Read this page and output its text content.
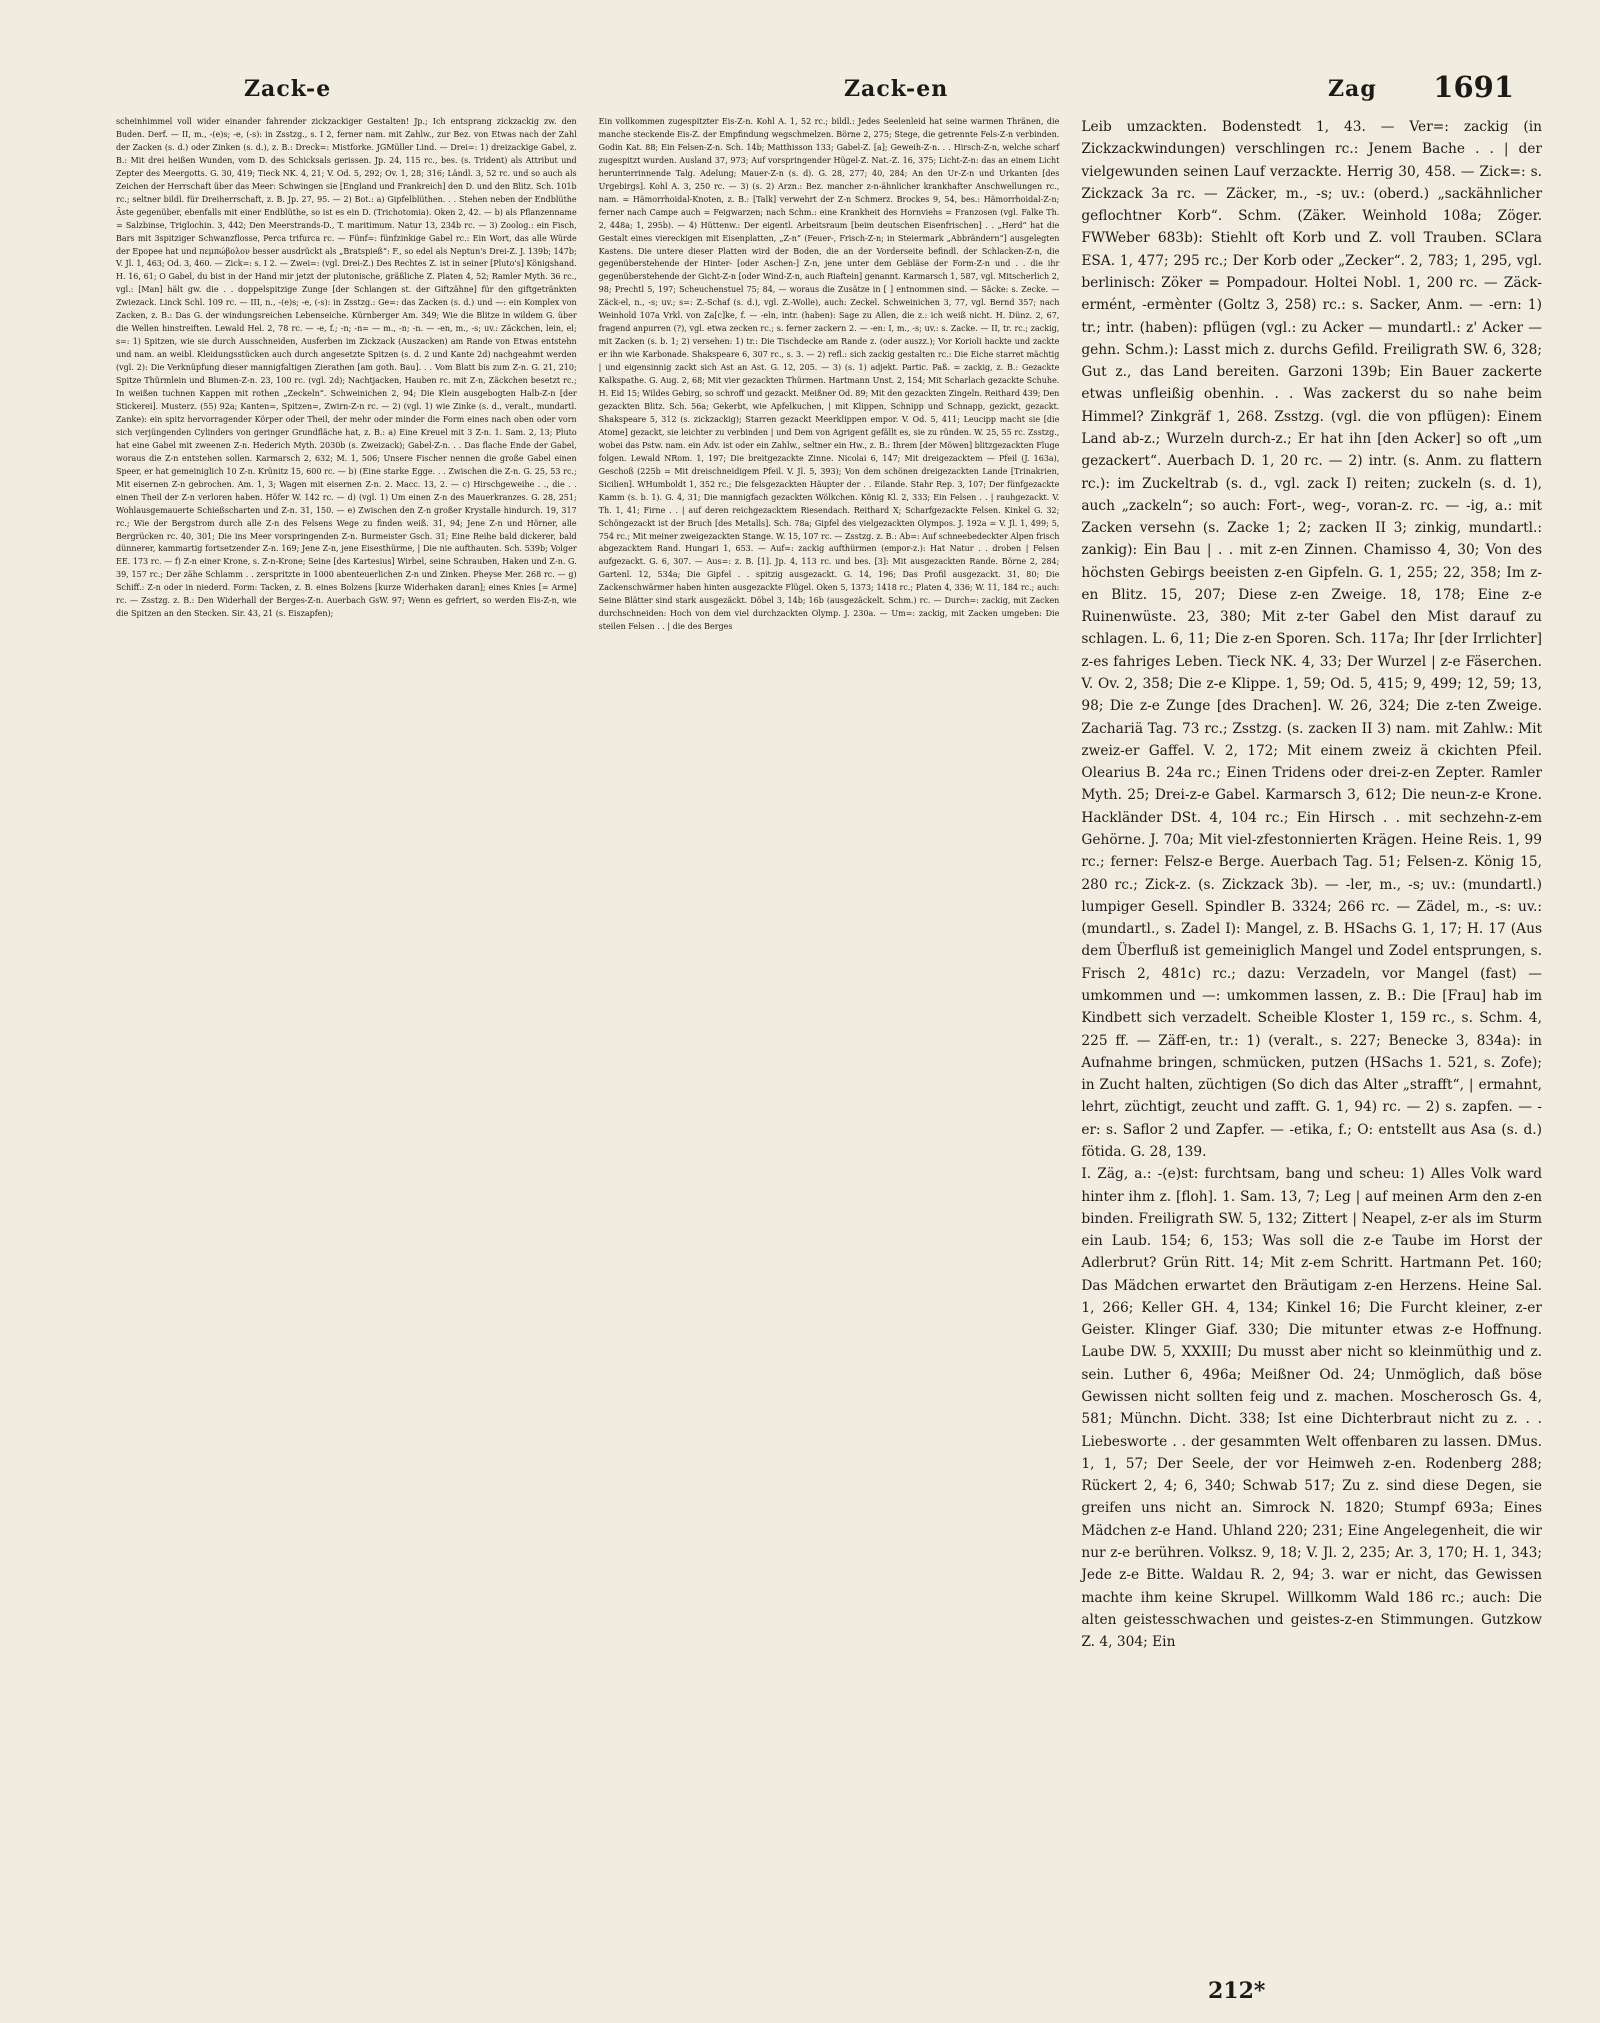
Zack-e	Zack-en	Zag 1691

scheinhimmel voll wider einander fahrender zickzackiger Gestalten! Jp.; Ich entsprang zickzackig zw. den Buden. Derf. — II, m., -(e)s; -e, (-s): in Zsstzg., s. I 2, ferner nam. mit Zahlw., zur Bez. von Etwas nach der Zahl der Zacken (s. d.) oder Zinken (s. d.), z. B.: Dreck=: Mistforke. JGMüller Lind. — Drei=: 1) dreizackige Gabel, z. B.: Mit drei heißen Wunden, vom D. des Schicksals gerissen. Jp. 24, 115 rc., bes. (s. Trident) als Attribut und Zepter des Meergotts. G. 30, 419; Tieck NK. 4, 21; V. Od. 5, 292; Ov. 1, 28; 316; Ländl. 3, 52 rc. und so auch als Zeichen der Herrschaft über das Meer: Schwingen sie [England und Frankreich] den D. und den Blitz. Sch. 101b rc.; seltner bildl. für Dreiherrschaft, z. B. Jp. 27, 95. — 2) Bot.: a) Gipfelblüthen. . . Stehen neben der Endblüthe Äste gegenüber, ebenfalls mit einer Endblüthe, so ist es ein D. (Trichotomia). Oken 2, 42. — b) als Pflanzenname = Salzbinse, Triglochin. 3, 442; Den Meerstrands-D., T. maritimum. Natur 13, 234b rc. — 3) Zoolog.: ein Fisch, Bars mit 3spitziger Schwanzflosse, Perca trifurca rc. — Fünf=: fünfzinkige Gabel rc.: Ein Wort, das alle Würde der Epopee hat und πεμπώβολον besser ausdrückt als „Bratspieß“: F., so edel als Neptun's Drei-Z. J. 139b; 147b; V. Jl. 1, 463; Od. 3, 460. — Zick=: s. I 2. — Zwei=: (vgl. Drei-Z.) Des Rechtes Z. ist in seiner [Pluto's] Königshand. H. 16, 61; O Gabel, du bist in der Hand mir jetzt der plutonische, gräßliche Z. Platen 4, 52; Ramler Myth. 36 rc., vgl.: [Man] hält gw. die . . doppelspitzige Zunge [der Schlangen st. der Giftzähne] für den giftgetränkten Zwiezack. Linck Schl. 109 rc. — III, n., -(e)s; -e, (-s): in Zsstzg.: Ge=: das Zacken (s. d.) und —: ein Komplex von Zacken, z. B.: Das G. der windungsreichen Lebenseiche. Kürnberger Am. 349; Wie die Blitze in wildem G. über die Wellen hinstreiften. Lewald Hel. 2, 78 rc. — -e, f.; -n; -n= — m., -n; -n. — -en, m., -s; uv.: Zäckchen, lein, el; s=: 1) Spitzen, wie sie durch Ausschneiden, Ausferben im Zickzack (Auszacken) am Rande von Etwas entstehn und nam. an weibl. Kleidungsstücken auch durch angesetzte Spitzen (s. d. 2 und Kante 2d) nachgeahmt werden (vgl. 2): Die Verknüpfung dieser mannigfaltigen Zierathen [am goth. Bau]. . . Vom Blatt bis zum Z-n. G. 21, 210; Spitze Thürmlein und Blumen-Z-n. 23, 100 rc. (vgl. 2d); Nachtjacken, Hauben rc. mit Z-n, Zäckchen besetzt rc.; In weißen tuchnen Kappen mit rothen „Zeckeln“. Schweinichen 2, 94; Die Klein ausgebogten Halb-Z-n [der Stickerei]. Musterz. (55) 92a; Kanten=, Spitzen=, Zwirn-Z-n rc. — 2) (vgl. 1) wie Zinke (s. d., veralt., mundartl. Zanke): ein spitz hervorragender Körper oder Theil, der mehr oder minder die Form eines nach oben oder vorn sich verjüngenden Cylinders von geringer Grundfläche hat, z. B.: a) Eine Kreuel mit 3 Z-n. 1. Sam. 2, 13; Pluto hat eine Gabel mit zweenen Z-n. Hederich Myth. 2030b (s. Zweizack); Gabel-Z-n. . . Das flache Ende der Gabel, woraus die Z-n entstehen sollen. Karmarsch 2, 632; M. 1, 506; Unsere Fischer nennen die große Gabel einen Speer, er hat gemeiniglich 10 Z-n. Krünitz 15, 600 rc. — b) (Eine starke Egge. . . Zwischen die Z-n. G. 25, 53 rc.; Mit eisernen Z-n gebrochen. Am. 1, 3; Wagen mit eisernen Z-n. 2. Macc. 13, 2. — c) Hirschgeweihe . ., die . . einen Theil der Z-n verloren haben. Höfer W. 142 rc. — d) (vgl. 1) Um einen Z-n des Mauerkranzes. G. 28, 251; Wohlausgemauerte Schießscharten und Z-n. 31, 150. — e) Zwischen den Z-n großer Krystalle hindurch. 19, 317 rc.; Wie der Bergstrom durch alle Z-n des Felsens Wege zu finden weiß. 31, 94; Jene Z-n und Hörner, alle Bergrücken rc. 40, 301; Die ins Meer vorspringenden Z-n. Burmeister Gsch. 31; Eine Reihe bald dickerer, bald dünnerer, kammartig fortsetzender Z-n. 169; Jene Z-n, jene Eisesthürme, | Die nie aufthauten. Sch. 539b; Volger EE. 173 rc. — f) Z-n einer Krone, s. Z-n-Krone; Seine [des Kartesius] Wirbel, seine Schrauben, Haken und Z-n. G. 39, 157 rc.; Der zähe Schlamm . . zerspritzte in 1000 abenteuerlichen Z-n und Zinken. Pheyse Mer. 268 rc. — g) Schiff.: Z-n oder in niederd. Form: Tacken, z. B. eines Bolzens [kurze Widerhaken daran]; eines Knies [= Arme] rc. — Zsstzg. z. B.: Den Widerhall der Berges-Z-n. Auerbach GsW. 97; Wenn es gefriert, so werden Eis-Z-n, wie die Spitzen an den Stecken. Sir. 43, 21 (s. Eiszapfen);

Ein vollkommen zugespitzter Eis-Z-n. Kohl A. 1, 52 rc.; bildl.: Jedes Seelenleid hat seine warmen Thränen, die manche steckende Eis-Z. der Empfindung wegschmelzen. Börne 2, 275; Stege, die getrennte Fels-Z-n verbinden. Godin Kat. 88; Ein Felsen-Z-n. Sch. 14b; Matthisson 133; Gabel-Z. [a]; Geweih-Z-n. . . Hirsch-Z-n, welche scharf zugespitzt wurden. Ausland 37, 973; Auf vorspringender Hügel-Z. Nat.-Z. 16, 375; Licht-Z-n: das an einem Licht herunterrinnende Talg. Adelung; Mauer-Z-n (s. d). G. 28, 277; 40, 284; An den Ur-Z-n und Urkanten [des Urgebirgs]. Kohl A. 3, 250 rc. — 3) (s. 2) Arzn.: Bez. mancher z-n-ähnlicher krankhafter Anschwellungen rc., nam. = Hämorrhoidal-Knoten, z. B.: [Talk] verwehrt der Z-n Schmerz. Brockes 9, 54, bes.: Hämorrhoidal-Z-n; ferner nach Campe auch = Feigwarzen; nach Schm.: eine Krankheit des Hornviehs = Franzosen (vgl. Falke Th. 2, 448a; 1, 295b). — 4) Hüttenw.: Der eigentl. Arbeitsraum [beim deutschen Eisenfrischen] . . „Herd“ hat die Gestalt eines viereckigen mit Eisenplatten, „Z-n“ (Feuer-, Frisch-Z-n; in Steiermark „Abbrändern“] ausgelegten Kastens. Die untere dieser Platten wird der Boden, die an der Vorderseite befindl. der Schlacken-Z-n, die gegenüberstehende der Hinter- [oder Aschen-] Z-n, jene unter dem Gebläse der Form-Z-n und . . die ihr gegenüberstehende der Gicht-Z-n [oder Wind-Z-n, auch Riaftein] genannt. Karmarsch 1, 587, vgl. Mitscherlich 2, 98; Prechtl 5, 197; Scheuchenstuel 75; 84, — woraus die Zusätze in [ ] entnommen sind. — Säcke: s. Zecke. — Zäck-el, n., -s; uv.; s=: Z.-Schaf (s. d.), vgl. Z.-Wolle), auch: Zeckel. Schweinichen 3, 77, vgl. Bernd 357; nach Weinhold 107a Vrkl. von Za[c]ke, f. — -eln, intr. (haben): Sage zu Allen, die z.: ich weiß nicht. H. Dünz. 2, 67, fragend anpurren (?), vgl. etwa zecken rc.; s. ferner zackern 2. — -en: I, m., -s; uv.: s. Zacke. — II, tr. rc.; zackig, mit Zacken (s. b. 1; 2) versehen: 1) tr.: Die Tischdecke am Rande z. (oder auszz.); Vor Korioli hackte und zackte er ihn wie Karbonade. Shakspeare 6, 307 rc., s. 3. — 2) refl.: sich zackig gestalten rc.: Die Eiche starret mächtig | und eigensinnig zackt sich Ast an Ast. G. 12, 205. — 3) (s. 1) adjekt. Partic. Paß. = zackig, z. B.: Gezackte Kalkspathe. G. Aug. 2, 68; Mit vier gezackten Thürmen. Hartmann Unst. 2, 154; Mit Scharlach gezackte Schuhe. H. Eid 15; Wildes Gebirg, so schroff und gezackt. Meißner Od. 89; Mit den gezackten Zingeln. Reithard 439; Den gezackten Blitz. Sch. 56a; Gekerbt, wie Apfelkuchen, | mit Klippen, Schnipp und Schnapp, gezickt, gezackt. Shakspeare 5, 312 (s. zickzackig); Starren gezackt Meerklippen empor. V. Od. 5, 411; Leucipp macht sie [die Atome] gezackt, sie leichter zu verbinden | und Dem von Agrigent gefällt es, sie zu ründen. W. 25, 55 rc. Zsstzg., wobei das Pstw. nam. ein Adv. ist oder ein Zahlw., seltner ein Hw., z. B.: Ihrem [der Möwen] blitzgezackten Fluge folgen. Lewald NRom. 1, 197; Die breitgezackte Zinne. Nicolai 6, 147; Mit dreigezacktem — Pfeil (J. 163a), Geschoß (225b = Mit dreischneidigem Pfeil. V. Jl. 5, 393); Von dem schönen dreigezackten Lande [Trinakrien, Sicilien]. WHumboldt 1, 352 rc.; Die felsgezackten Häupter der . . Eilande. Stahr Rep. 3, 107; Der fünfgezackte Kamm (s. b. 1). G. 4, 31; Die mannigfach gezackten Wölkchen. König Kl. 2, 333; Ein Felsen . . | rauhgezackt. V. Th. 1, 41; Firne . . | auf deren reichgezacktem Riesendach. Reithard X; Scharfgezackte Felsen. Kinkel G. 32; Schöngezackt ist der Bruch [des Metalls]. Sch. 78a; Gipfel des vielgezackten Olympos. J. 192a = V. Jl. 1, 499; 5, 754 rc.; Mit meiner zweigezackten Stange. W. 15, 107 rc. — Zsstzg. z. B.: Ab=: Auf schneebedeckter Alpen frisch abgezacktem Rand. Hungari 1, 653. — Auf=: zackig aufthürmen (empor-z.): Hat Natur . . droben | Felsen aufgezackt. G. 6, 307. — Aus=: z. B. [1]. Jp. 4, 113 rc. und bes. [3]: Mit ausgezackten Rande. Börne 2, 284; Gartenl. 12, 534a; Die Gipfel . . spitzig ausgezackt. G. 14, 196; Das Profil ausgezackt. 31, 80; Die Zackenschwärmer haben hinten ausgezackte Flügel. Oken 5, 1373; 1418 rc.; Platen 4, 336; W. 11, 184 rc.; auch: Seine Blätter sind stark ausgezäckt. Döbel 3, 14b; 16b (ausgezäckelt. Schm.) rc. — Durch=: zackig, mit Zacken durchschneiden: Hoch von dem viel durchzackten Olymp. J. 230a. — Um=: zackig, mit Zacken umgeben: Die steilen Felsen . . | die des Berges

Leib umzackten. Bodenstedt 1, 43. — Ver=: zackig (in Zickzackwindungen) verschlingen rc.: Jenem Bache . . | der vielgewunden seinen Lauf verzackte. Herrig 30, 458. — Zick=: s. Zickzack 3a rc. — Zäcker, m., -s; uv.: (oberd.) „sackähnlicher geflochtner Korb“. Schm. (Zäker. Weinhold 108a; Zöger. FWWeber 683b): Stiehlt oft Korb und Z. voll Trauben. SClara ESA. 1, 477; 295 rc.; Der Korb oder „Zecker“. 2, 783; 1, 295, vgl. berlinisch: Zöker = Pompadour. Holtei Nobl. 1, 200 rc. — Zäck-ermént, -ermènter (Goltz 3, 258) rc.: s. Sacker, Anm. — -ern: 1) tr.; intr. (haben): pflügen (vgl.: zu Acker — mundartl.: z' Acker — gehn. Schm.): Lasst mich z. durchs Gefild. Freiligrath SW. 6, 328; Gut z., das Land bereiten. Garzoni 139b; Ein Bauer zackerte etwas unfleißig obenhin. . . Was zackerst du so nahe beim Himmel? Zinkgräf 1, 268. Zsstzg. (vgl. die von pflügen): Einem Land ab-z.; Wurzeln durch-z.; Er hat ihn [den Acker] so oft „um gezackert“. Auerbach D. 1, 20 rc. — 2) intr. (s. Anm. zu flattern rc.): im Zuckeltrab (s. d., vgl. zack I) reiten; zuckeln (s. d. 1), auch „zackeln“; so auch: Fort-, weg-, voran-z. rc. — -ig, a.: mit Zacken versehn (s. Zacke 1; 2; zacken II 3; zinkig, mundartl.: zankig): Ein Bau | . . mit z-en Zinnen. Chamisso 4, 30; Von des höchsten Gebirgs beeisten z-en Gipfeln. G. 1, 255; 22, 358; Im z-en Blitz. 15, 207; Diese z-en Zweige. 18, 178; Eine z-e Ruinenwüste. 23, 380; Mit z-ter Gabel den Mist darauf zu schlagen. L. 6, 11; Die z-en Sporen. Sch. 117a; Ihr [der Irrlichter] z-es fahriges Leben. Tieck NK. 4, 33; Der Wurzel | z-e Fäserchen. V. Ov. 2, 358; Die z-e Klippe. 1, 59; Od. 5, 415; 9, 499; 12, 59; 13, 98; Die z-e Zunge [des Drachen]. W. 26, 324; Die z-ten Zweige. Zachariä Tag. 73 rc.; Zsstzg. (s. zacken II 3) nam. mit Zahlw.: Mit zweiz-er Gaffel. V. 2, 172; Mit einem zweiz ä ckichten Pfeil. Olearius B. 24a rc.; Einen Tridens oder drei-z-en Zepter. Ramler Myth. 25; Drei-z-e Gabel. Karmarsch 3, 612; Die neun-z-e Krone. Hackländer DSt. 4, 104 rc.; Ein Hirsch . . mit sechzehn-z-em Gehörne. J. 70a; Mit viel-zfestonnierten Krägen. Heine Reis. 1, 99 rc.; ferner: Felsz-e Berge. Auerbach Tag. 51; Felsen-z. König 15, 280 rc.; Zick-z. (s. Zickzack 3b). — -ler, m., -s; uv.: (mundartl.) lumpiger Gesell. Spindler B. 3324; 266 rc. — Zädel, m., -s: uv.: (mundartl., s. Zadel I): Mangel, z. B. HSachs G. 1, 17; H. 17 (Aus dem Überfluß ist gemeiniglich Mangel und Zodel entsprungen, s. Frisch 2, 481c) rc.; dazu: Verzadeln, vor Mangel (fast) — umkommen und —: umkommen lassen, z. B.: Die [Frau] hab im Kindbett sich verzadelt. Scheible Kloster 1, 159 rc., s. Schm. 4, 225 ff. — Zäff-en, tr.: 1) (veralt., s. 227; Benecke 3, 834a): in Aufnahme bringen, schmücken, putzen (HSachs 1. 521, s. Zofe); in Zucht halten, züchtigen (So dich das Alter „strafft“, | ermahnt, lehrt, züchtigt, zeucht und zafft. G. 1, 94) rc. — 2) s. zapfen. — -er: s. Saflor 2 und Zapfer. — -etika, f.; O: entstellt aus Asa (s. d.) fötida. G. 28, 139.

I. Zäg, a.: -(e)st: furchtsam, bang und scheu: 1) Alles Volk ward hinter ihm z. [floh]. 1. Sam. 13, 7; Leg | auf meinen Arm den z-en binden. Freiligrath SW. 5, 132; Zittert | Neapel, z-er als im Sturm ein Laub. 154; 6, 153; Was soll die z-e Taube im Horst der Adlerbrut? Grün Ritt. 14; Mit z-em Schritt. Hartmann Pet. 160; Das Mädchen erwartet den Bräutigam z-en Herzens. Heine Sal. 1, 266; Keller GH. 4, 134; Kinkel 16; Die Furcht kleiner, z-er Geister. Klinger Giaf. 330; Die mitunter etwas z-e Hoffnung. Laube DW. 5, XXXIII; Du musst aber nicht so kleinmüthig und z. sein. Luther 6, 496a; Meißner Od. 24; Unmöglich, daß böse Gewissen nicht sollten feig und z. machen. Moscherosch Gs. 4, 581; Münchn. Dicht. 338; Ist eine Dichterbraut nicht zu z. . . Liebesworte . . der gesammten Welt offenbaren zu lassen. DMus. 1, 1, 57; Der Seele, der vor Heimweh z-en. Rodenberg 288; Rückert 2, 4; 6, 340; Schwab 517; Zu z. sind diese Degen, sie greifen uns nicht an. Simrock N. 1820; Stumpf 693a; Eines Mädchen z-e Hand. Uhland 220; 231; Eine Angelegenheit, die wir nur z-e berühren. Volksz. 9, 18; V. Jl. 2, 235; Ar. 3, 170; H. 1, 343; Jede z-e Bitte. Waldau R. 2, 94; 3. war er nicht, das Gewissen machte ihm keine Skrupel. Willkomm Wald 186 rc.; auch: Die alten geistesschwachen und geistes-z-en Stimmungen. Gutzkow Z. 4, 304; Ein

212*
